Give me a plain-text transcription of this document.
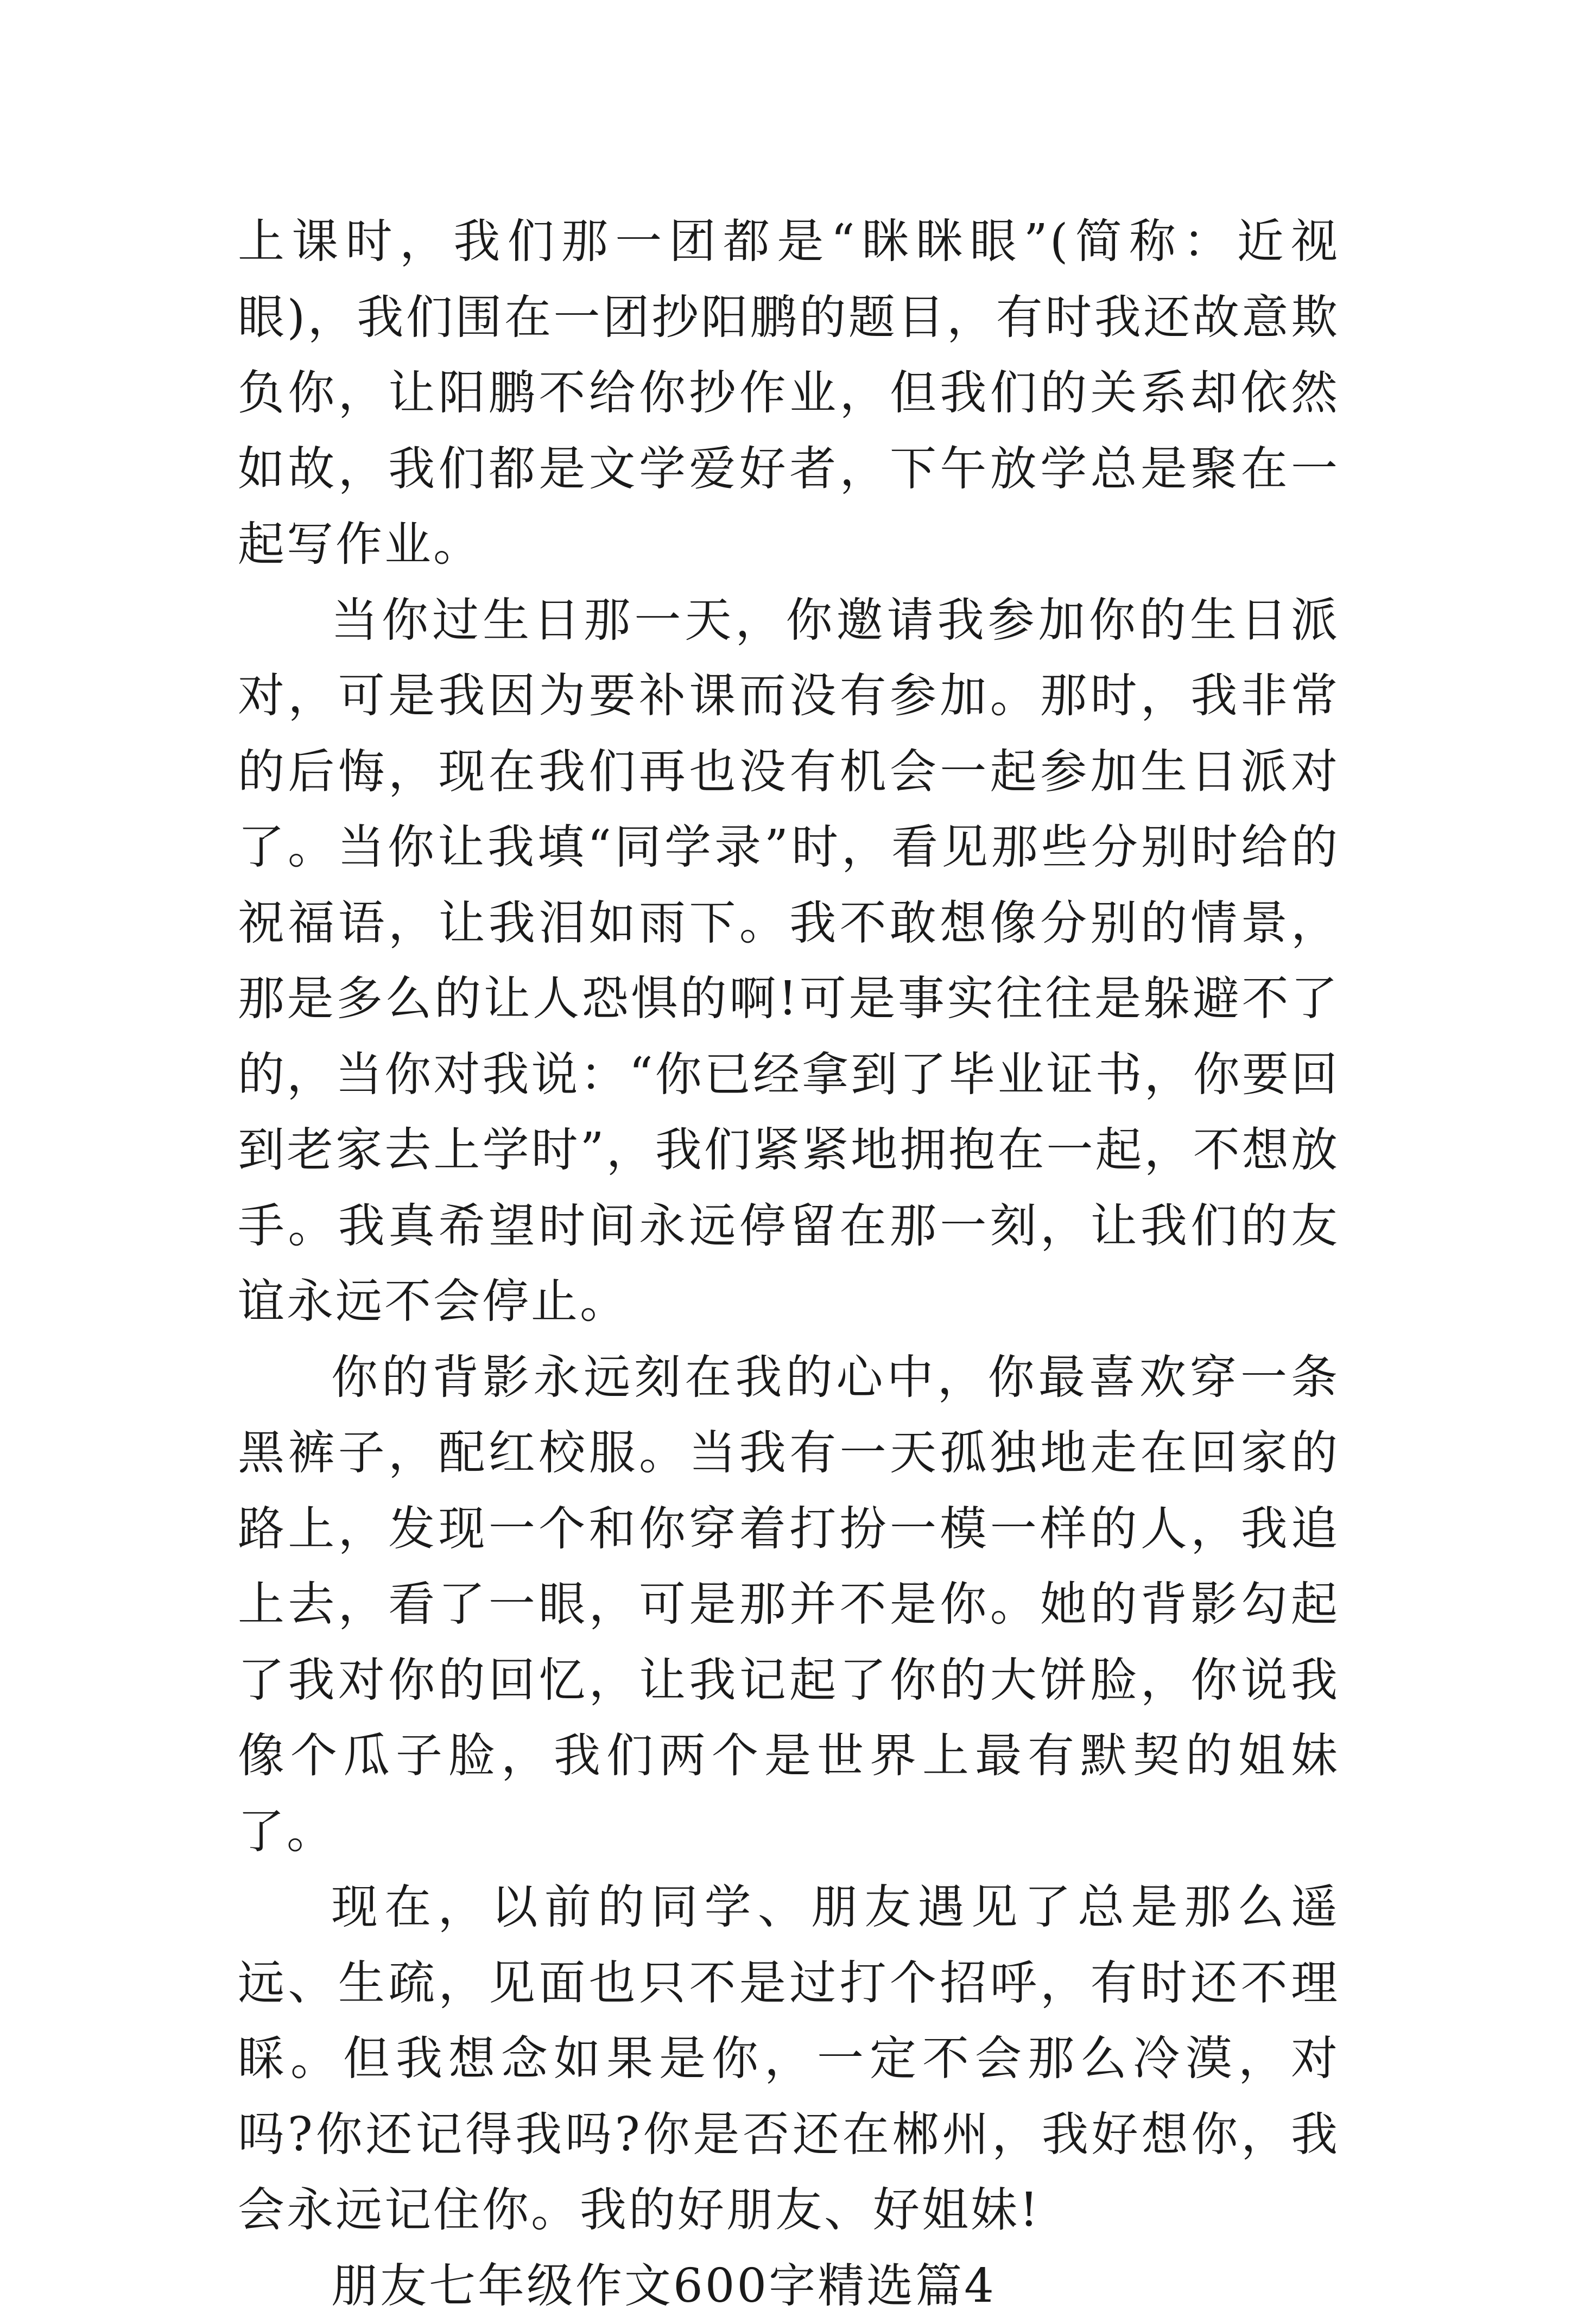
上课时，我们那一团都是“眯眯眼”(简称：近视眼)，我们围在一团抄阳鹏的题目，有时我还故意欺负你，让阳鹏不给你抄作业，但我们的关系却依然如故，我们都是文学爱好者，下午放学总是聚在一起写作业。

当你过生日那一天，你邀请我参加你的生日派对，可是我因为要补课而没有参加。那时，我非常的后悔，现在我们再也没有机会一起参加生日派对了。当你让我填“同学录”时，看见那些分别时给的祝福语，让我泪如雨下。我不敢想像分别的情景，那是多么的让人恐惧的啊!可是事实往往是躲避不了的，当你对我说：“你已经拿到了毕业证书，你要回到老家去上学时”，我们紧紧地拥抱在一起，不想放手。我真希望时间永远停留在那一刻，让我们的友谊永远不会停止。

你的背影永远刻在我的心中，你最喜欢穿一条黑裤子，配红校服。当我有一天孤独地走在回家的路上，发现一个和你穿着打扮一模一样的人，我追上去，看了一眼，可是那并不是你。她的背影勾起了我对你的回忆，让我记起了你的大饼脸，你说我像个瓜子脸，我们两个是世界上最有默契的姐妹了。

现在，以前的同学、朋友遇见了总是那么遥远、生疏，见面也只不是过打个招呼，有时还不理睬。但我想念如果是你，一定不会那么冷漠，对吗?你还记得我吗?你是否还在郴州，我好想你，我会永远记住你。我的好朋友、好姐妹!

朋友七年级作文600字精选篇4
